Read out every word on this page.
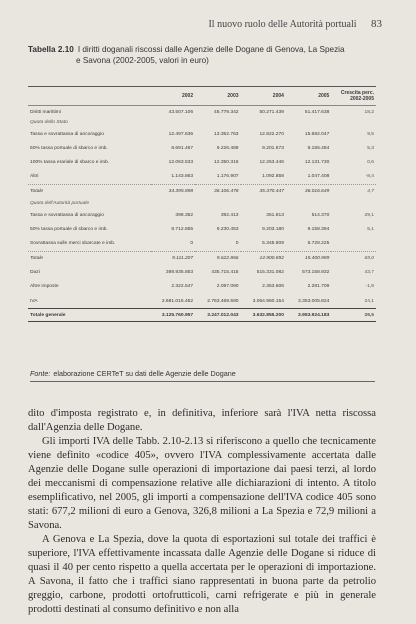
Il nuovo ruolo delle Autorità portuali 83
Tabella 2.10 I diritti doganali riscossi dalle Agenzie delle Dogane di Genova, La Spezia
e Savona (2002-2005, valori in euro)
	2002	2003	2004	2005	Crescita perc. 2002-2005
Diritti marittimi	43.507.106	45.779.342	50.271.439	51.417.638	18,2
Quota dello Stato					
Tassa e sovrattassa di ancoraggio	12.497.636	13.352.763	12.822.270	15.682.047	9,5
50% tassa portuale di sbarco e imb.	8.691.467	9.226.489	9.201.673	9.155.484	5,3
100% tassa erariale di sbarco e imb.	12.063.533	12.350.316	12.253.446	12.131.730	0,6
Altri	1.143.863	1.176.907	1.092.858	1.047.408	-8,4
Totale	34.395.898	36.106.478	35.370.447	36.016.649	4,7
Quota dell'Autorità portuale					
Tassa e sovrattassa di ancoraggio	398.352	392.413	351.913	514.370	29,1
50% tassa portuale di sbarco e imb.	8.712.855	9.230.453	9.203.180	9.158.394	5,1
Sovrattassa sulle merci sbarcate e imb.	0	0	5.345.809	5.728.225	
Totale	9.111.207	9.622.866	14.900.892	15.400.989	69,0
Dazi	398.935.853	435.715.415	515.331.082	573.158.932	43,7
Altre imposte	2.322.547	2.097.090	2.353.606	2.281.709	-1,8
IVA	2.681.015.452	2.763.469.590	3.064.960.154	3.353.005.824	24,1
Totale generale	3.125.760.957	3.247.012.043	3.632.855.200	3.953.924.183	26,5
Fonte: elaborazione CERTeT su dati delle Agenzie delle Dogane

dito d'imposta registrato e, in definitiva, inferiore sarà l'IVA netta riscossa dall'Agenzia delle Dogane.

Gli importi IVA delle Tabb. 2.10-2.13 si riferiscono a quello che tecnicamente viene definito «codice 405», ovvero l'IVA complessivamente accertata dalle Agenzie delle Dogane sulle operazioni di importazione dai paesi terzi, al lordo dei meccanismi di compensazione relative alle dichiarazioni di intento. A titolo esemplificativo, nel 2005, gli importi a compensazione dell'IVA codice 405 sono stati: 677,2 milioni di euro a Genova, 326,8 milioni a La Spezia e 72,9 milioni a Savona.

A Genova e La Spezia, dove la quota di esportazioni sul totale dei traffici è superiore, l'IVA effettivamente incassata dalle Agenzie delle Dogane si riduce di quasi il 40 per cento rispetto a quella accertata per le operazioni di importazione. A Savona, il fatto che i traffici siano rappresentati in buona parte da petrolio greggio, carbone, prodotti ortofrutticoli, carni refrigerate e più in generale prodotti destinati al consumo definitivo e non alla
